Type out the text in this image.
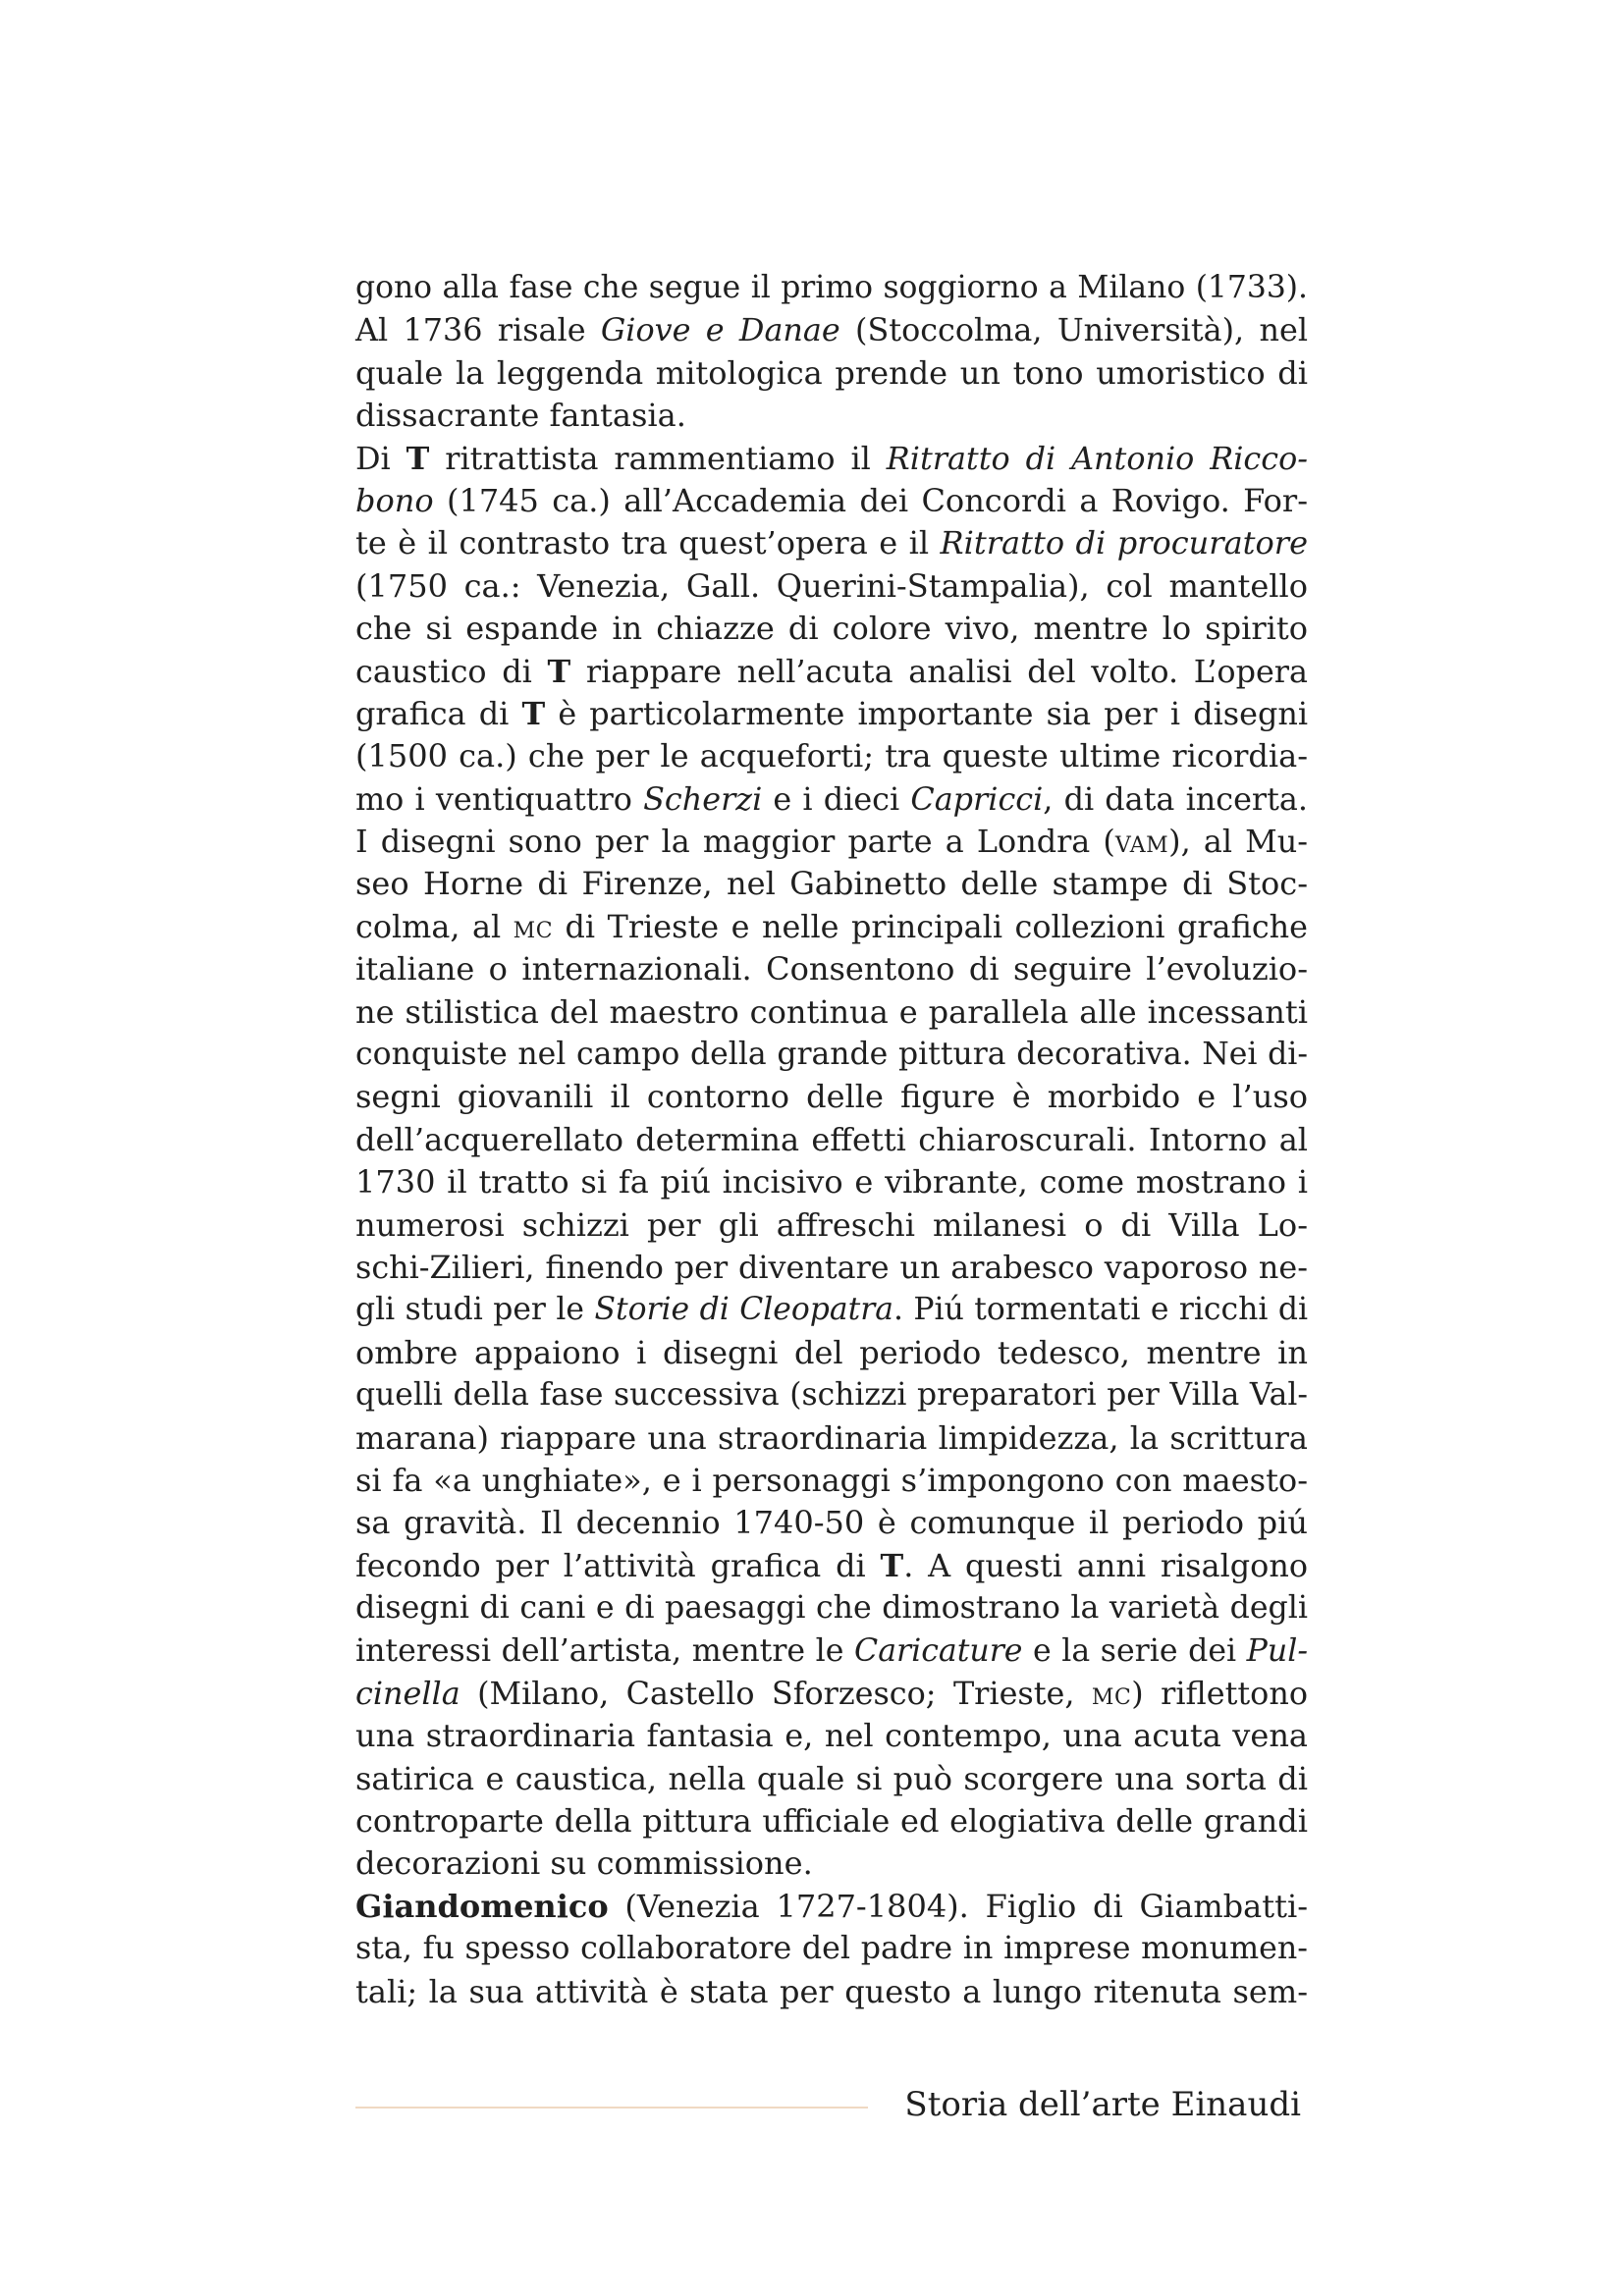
gono alla fase che segue il primo soggiorno a Milano (1733).
Al 1736 risale Giove e Danae (Stoccolma, Università), nel
quale la leggenda mitologica prende un tono umoristico di
dissacrante fantasia.
Di T ritrattista rammentiamo il Ritratto di Antonio Ricco-
bono (1745 ca.) all’Accademia dei Concordi a Rovigo. For-
te è il contrasto tra quest’opera e il Ritratto di procuratore
(1750 ca.: Venezia, Gall. Querini-Stampalia), col mantello
che si espande in chiazze di colore vivo, mentre lo spirito
caustico di T riappare nell’acuta analisi del volto. L’opera
grafica di T è particolarmente importante sia per i disegni
(1500 ca.) che per le acqueforti; tra queste ultime ricordia-
mo i ventiquattro Scherzi e i dieci Capricci, di data incerta.
I disegni sono per la maggior parte a Londra (vam), al Mu-
seo Horne di Firenze, nel Gabinetto delle stampe di Stoc-
colma, al mc di Trieste e nelle principali collezioni grafiche
italiane o internazionali. Consentono di seguire l’evoluzio-
ne stilistica del maestro continua e parallela alle incessanti
conquiste nel campo della grande pittura decorativa. Nei di-
segni giovanili il contorno delle figure è morbido e l’uso
dell’acquerellato determina effetti chiaroscurali. Intorno al
1730 il tratto si fa piú incisivo e vibrante, come mostrano i
numerosi schizzi per gli affreschi milanesi o di Villa Lo-
schi-Zilieri, finendo per diventare un arabesco vaporoso ne-
gli studi per le Storie di Cleopatra. Piú tormentati e ricchi di
ombre appaiono i disegni del periodo tedesco, mentre in
quelli della fase successiva (schizzi preparatori per Villa Val-
marana) riappare una straordinaria limpidezza, la scrittura
si fa «a unghiate», e i personaggi s’impongono con maesto-
sa gravità. Il decennio 1740-50 è comunque il periodo piú
fecondo per l’attività grafica di T. A questi anni risalgono
disegni di cani e di paesaggi che dimostrano la varietà degli
interessi dell’artista, mentre le Caricature e la serie dei Pul-
cinella (Milano, Castello Sforzesco; Trieste, mc) riflettono
una straordinaria fantasia e, nel contempo, una acuta vena
satirica e caustica, nella quale si può scorgere una sorta di
controparte della pittura ufficiale ed elogiativa delle grandi
decorazioni su commissione.
Giandomenico (Venezia 1727-1804). Figlio di Giambatti-
sta, fu spesso collaboratore del padre in imprese monumen-
tali; la sua attività è stata per questo a lungo ritenuta sem-
Storia dell’arte Einaudi
